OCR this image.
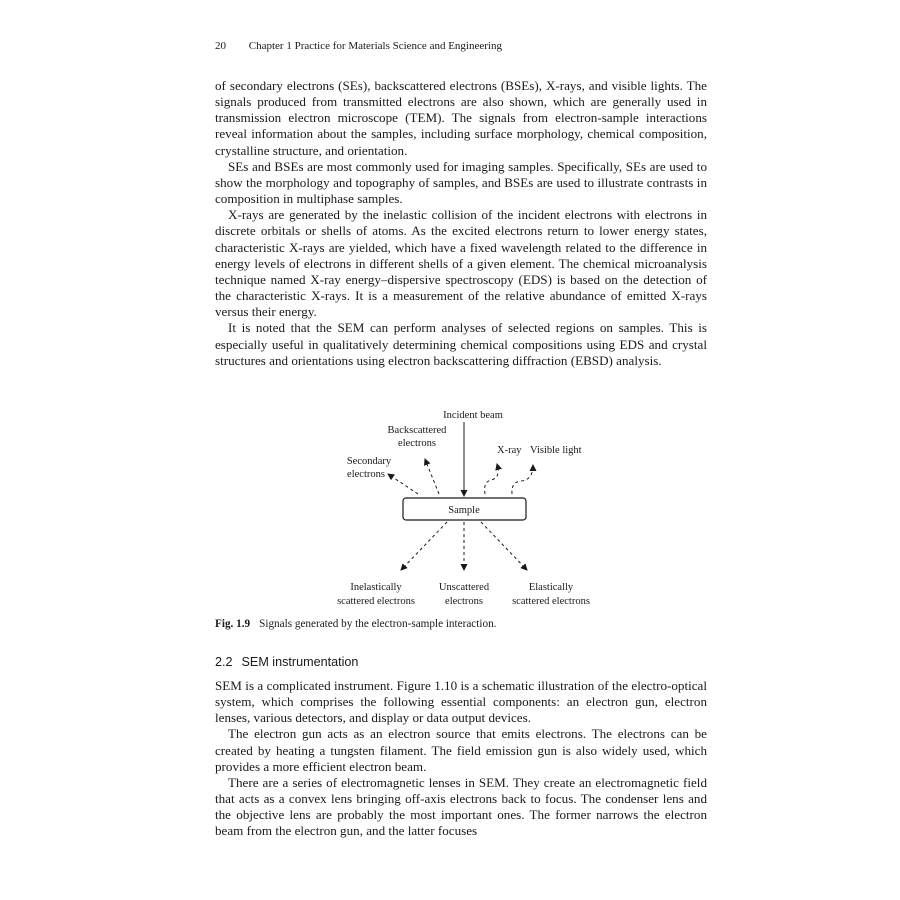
20 Chapter 1 Practice for Materials Science and Engineering

of secondary electrons (SEs), backscattered electrons (BSEs), X-rays, and visible lights. The signals produced from transmitted electrons are also shown, which are generally used in transmission electron microscope (TEM). The signals from electron-sample interactions reveal information about the samples, including surface morphology, chemical composition, crystalline structure, and orientation.

SEs and BSEs are most commonly used for imaging samples. Specifically, SEs are used to show the morphology and topography of samples, and BSEs are used to illustrate contrasts in composition in multiphase samples.

X-rays are generated by the inelastic collision of the incident electrons with electrons in discrete orbitals or shells of atoms. As the excited electrons return to lower energy states, characteristic X-rays are yielded, which have a fixed wavelength related to the difference in energy levels of electrons in different shells of a given element. The chemical microanalysis technique named X-ray energy–dispersive spectroscopy (EDS) is based on the detection of the characteristic X-rays. It is a measurement of the relative abundance of emitted X-rays versus their energy.

It is noted that the SEM can perform analyses of selected regions on samples. This is especially useful in qualitatively determining chemical compositions using EDS and crystal structures and orientations using electron backscattering diffraction (EBSD) analysis.

Incident beam
Backscattered
electrons
Secondary
electrons
X-ray Visible light
Sample
Inelastically
scattered electrons
Unscattered
electrons
Elastically
scattered electrons
Fig. 1.9 Signals generated by the electron-sample interaction.
2.2 SEM instrumentation

SEM is a complicated instrument. Figure 1.10 is a schematic illustration of the electro-optical system, which comprises the following essential components: an electron gun, electron lenses, various detectors, and display or data output devices.

The electron gun acts as an electron source that emits electrons. The electrons can be created by heating a tungsten filament. The field emission gun is also widely used, which provides a more efficient electron beam.

There are a series of electromagnetic lenses in SEM. They create an electromagnetic field that acts as a convex lens bringing off-axis electrons back to focus. The condenser lens and the objective lens are probably the most important ones. The former narrows the electron beam from the electron gun, and the latter focuses
